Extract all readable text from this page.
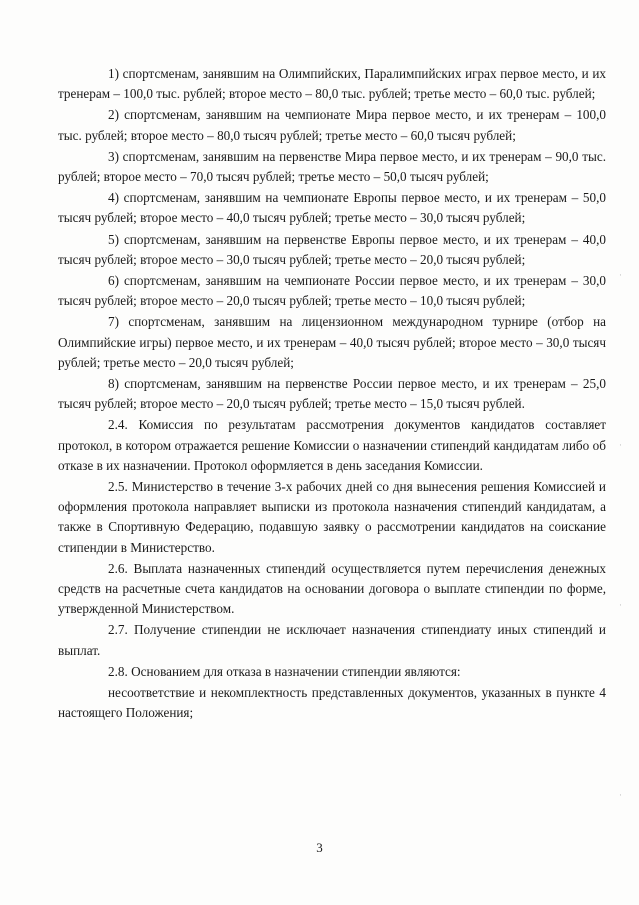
1) спортсменам, занявшим на Олимпийских, Паралимпийских играх первое место, и их тренерам – 100,0 тыс. рублей; второе место – 80,0 тыс. рублей; третье место – 60,0 тыс. рублей;

2) спортсменам, занявшим на чемпионате Мира первое место, и их тренерам – 100,0 тыс. рублей; второе место – 80,0 тысяч рублей; третье место – 60,0 тысяч рублей;

3) спортсменам, занявшим на первенстве Мира первое место, и их тренерам – 90,0 тыс. рублей; второе место – 70,0 тысяч рублей; третье место – 50,0 тысяч рублей;

4) спортсменам, занявшим на чемпионате Европы первое место, и их тренерам – 50,0 тысяч рублей; второе место – 40,0 тысяч рублей; третье место – 30,0 тысяч рублей;

5) спортсменам, занявшим на первенстве Европы первое место, и их тренерам – 40,0 тысяч рублей; второе место – 30,0 тысяч рублей; третье место – 20,0 тысяч рублей;

6) спортсменам, занявшим на чемпионате России первое место, и их тренерам – 30,0 тысяч рублей; второе место – 20,0 тысяч рублей; третье место – 10,0 тысяч рублей;

7) спортсменам, занявшим на лицензионном международном турнире (отбор на Олимпийские игры) первое место, и их тренерам – 40,0 тысяч рублей; второе место – 30,0 тысяч рублей; третье место – 20,0 тысяч рублей;

8) спортсменам, занявшим на первенстве России первое место, и их тренерам – 25,0 тысяч рублей; второе место – 20,0 тысяч рублей; третье место – 15,0 тысяч рублей.

2.4. Комиссия по результатам рассмотрения документов кандидатов составляет протокол, в котором отражается решение Комиссии о назначении стипендий кандидатам либо об отказе в их назначении. Протокол оформляется в день заседания Комиссии.

2.5. Министерство в течение 3-х рабочих дней со дня вынесения решения Комиссией и оформления протокола направляет выписки из протокола назначения стипендий кандидатам, а также в Спортивную Федерацию, подавшую заявку о рассмотрении кандидатов на соискание стипендии в Министерство.

2.6. Выплата назначенных стипендий осуществляется путем перечисления денежных средств на расчетные счета кандидатов на основании договора о выплате стипендии по форме, утвержденной Министерством.

2.7. Получение стипендии не исключает назначения стипендиату иных стипендий и выплат.

2.8. Основанием для отказа в назначении стипендии являются:

несоответствие и некомплектность представленных документов, указанных в пункте 4 настоящего Положения;

·
·
·
·
3
